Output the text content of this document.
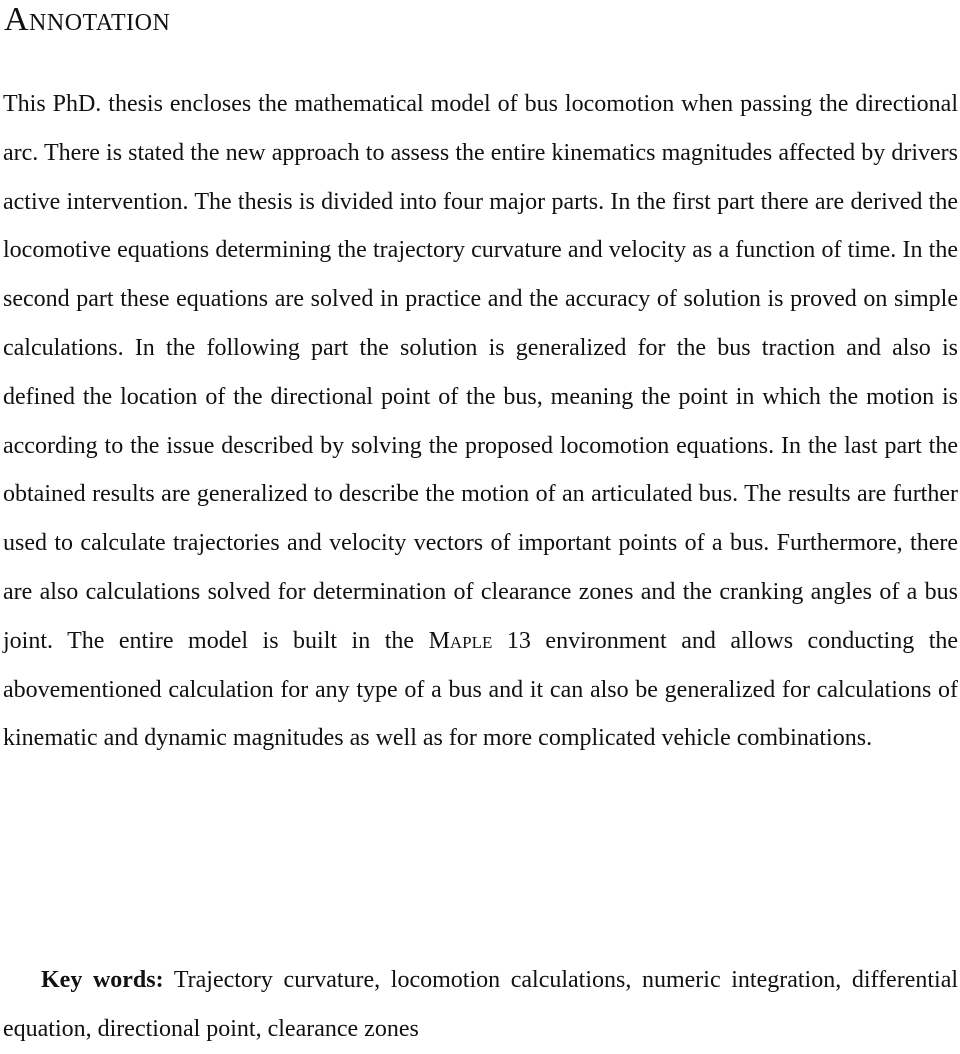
Annotation

This PhD. thesis encloses the mathematical model of bus locomotion when passing the directional arc. There is stated the new approach to assess the entire kinematics magnitudes affected by drivers active intervention. The thesis is divided into four major parts. In the first part there are derived the locomotive equations determining the trajectory curvature and velocity as a function of time. In the second part these equations are solved in practice and the accuracy of solution is proved on simple calculations. In the following part the solution is generalized for the bus traction and also is defined the location of the directional point of the bus, meaning the point in which the motion is according to the issue described by solving the proposed locomotion equations. In the last part the obtained results are generalized to describe the motion of an articulated bus. The results are further used to calculate trajectories and velocity vectors of important points of a bus. Furthermore, there are also calculations solved for determination of clearance zones and the cranking angles of a bus joint. The entire model is built in the Maple 13 environment and allows conducting the abovementioned calculation for any type of a bus and it can also be generalized for calculations of kinematic and dynamic magnitudes as well as for more complicated vehicle combinations.

Key words: Trajectory curvature, locomotion calculations, numeric integration, differential equation, directional point, clearance zones
